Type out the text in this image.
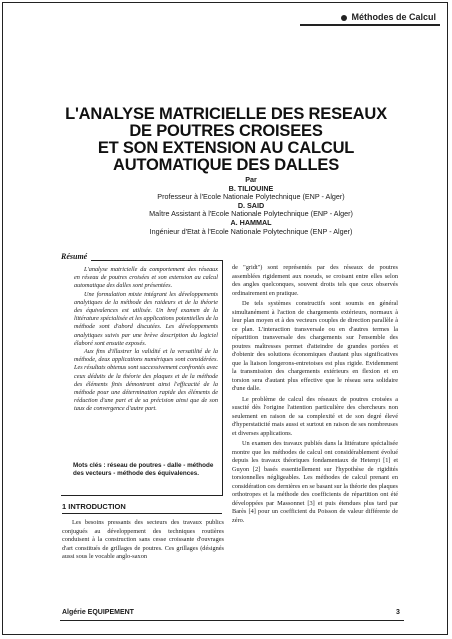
Méthodes de Calcul
L'ANALYSE MATRICIELLE DES RESEAUX
DE POUTRES CROISEES
ET SON EXTENSION AU CALCUL
AUTOMATIQUE DES DALLES
Par
B. TILIOUINE
Professeur à l'Ecole Nationale Polytechnique (ENP - Alger)
D. SAID
Maître Assistant à l'Ecole Nationale Polytechnique (ENP - Alger)
A. HAMMAL
Ingénieur d'Etat à l'Ecole Nationale Polytechnique (ENP - Alger)
Résumé

L'analyse matricielle du comportement des réseaux en réseau de poutres croisées et son extension au calcul automatique des dalles sont présentées.

Une formulation mixte intégrant les développements analytiques de la méthode des raideurs et de la théorie des équivalences est utilisée. Un bref examen de la littérature spécialisée et les applications potentielles de la méthode sont d'abord discutées. Les développements analytiques suivis par une brève description du logiciel élaboré sont ensuite exposés.

Aux fins d'illustrer la validité et la versatilité de la méthode, deux applications numériques sont considérées. Les résultats obtenus sont successivement confrontés avec ceux déduits de la théorie des plaques et de la méthode des éléments finis démontrant ainsi l'efficacité de la méthode pour une détermination rapide des éléments de réduction d'une part et de sa précision ainsi que de son taux de convergence d'autre part.

Mots clés : réseau de poutres - dalle - méthode des vecteurs - méthode des équivalences.
1 INTRODUCTION

Les besoins pressants des secteurs des travaux publics conjugués au développement des techniques routières conduisent à la construction sans cesse croissante d'ouvrages d'art constitués de grillages de poutres. Ces grillages (désignés aussi sous le vocable anglo-saxon

de "gridt") sont représentés par des réseaux de poutres assemblées rigidement aux noeuds, se croisant entre elles selon des angles quelconques, souvent droits tels que ceux observés ordinairement en pratique.

De tels systèmes constructifs sont soumis en général simultanément à l'action de chargements extérieurs, normaux à leur plan moyen et à des vecteurs couples de direction parallèle à ce plan. L'interaction transversale ou en d'autres termes la répartition transversale des chargements sur l'ensemble des poutres maîtresses permet d'atteindre de grandes portées et d'obtenir des solutions économiques d'autant plus significatives que la liaison longerons-entretoises est plus rigide. Evidemment la transmission des chargements extérieurs en flexion et en torsion sera d'autant plus effective que le réseau sera solidaire d'une dalle.

Le problème de calcul des réseaux de poutres croisées a suscité dès l'origine l'attention particulière des chercheurs non seulement en raison de sa complexité et de son degré élevé d'hyperstaticité mais aussi et surtout en raison de ses nombreuses et diverses applications.

Un examen des travaux publiés dans la littérature spécialisée montre que les méthodes de calcul ont considérablement évolué depuis les travaux théoriques fondamentaux de Hetenyi [1] et Guyon [2] basés essentiellement sur l'hypothèse de rigidités torsionnelles négligeables. Les méthodes de calcul prenant en considération ces dernières en se basant sur la théorie des plaques orthotropes et la méthode des coefficients de répartition ont été développées par Massonnet [3] et puis étendues plus tard par Barès [4] pour un coefficient du Poisson de valeur différente de zéro.

Algérie EQUIPEMENT	3
